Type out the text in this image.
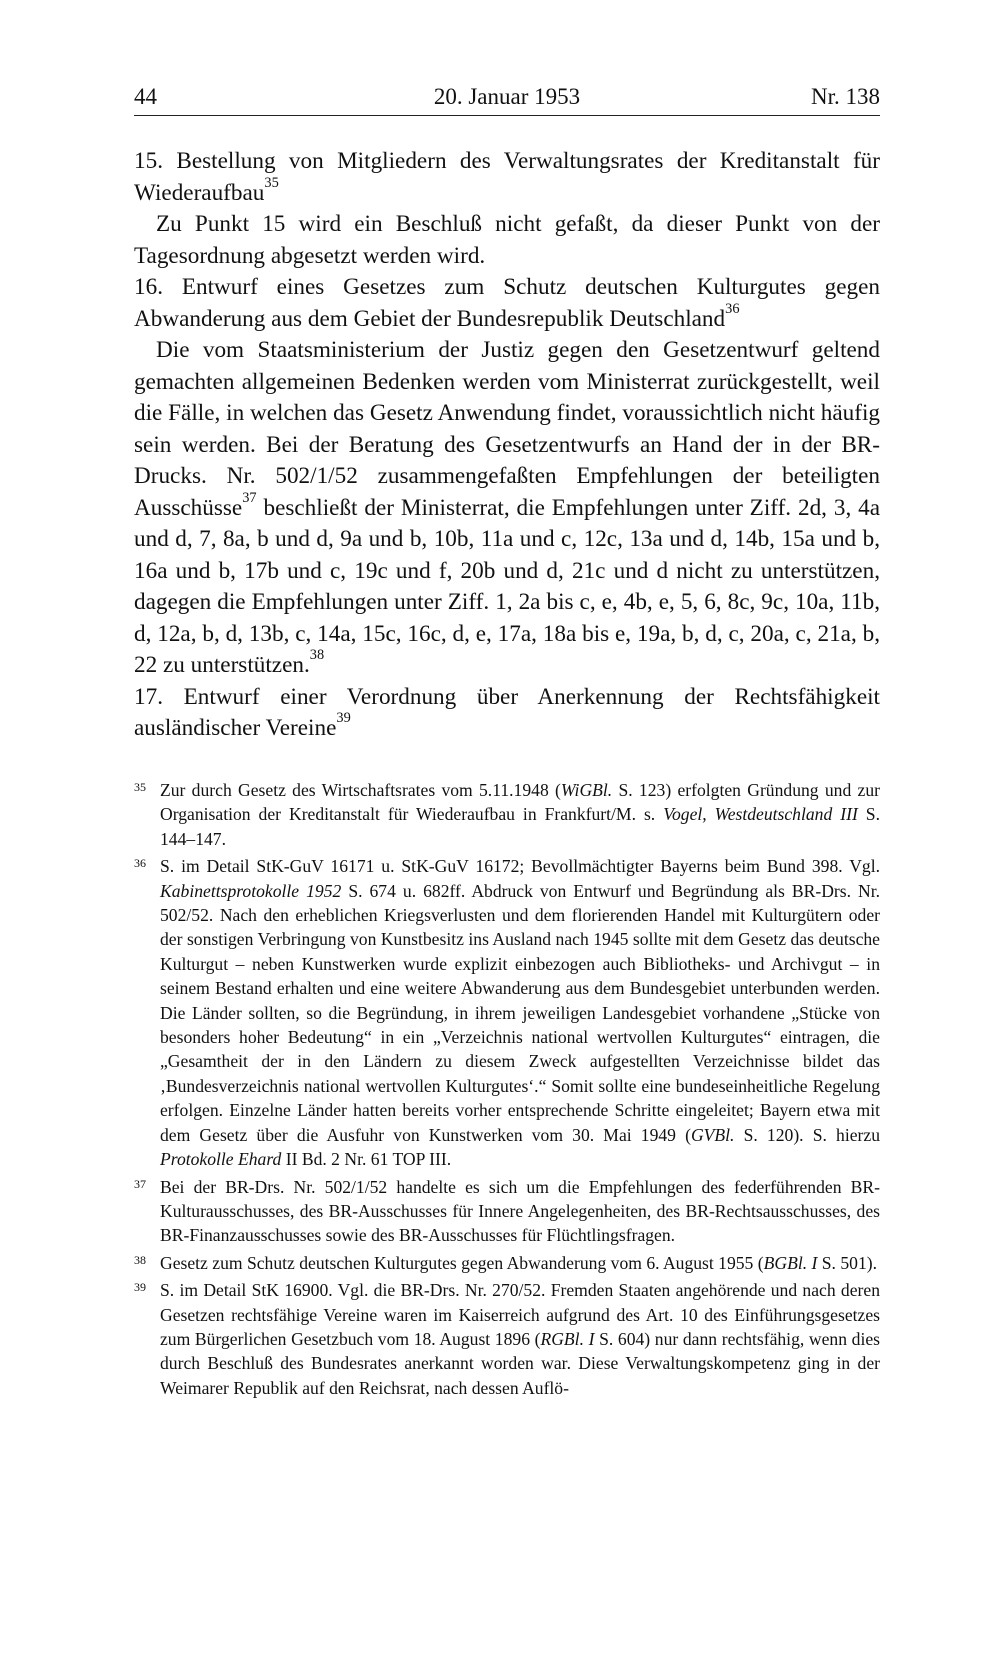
44	20. Januar 1953	Nr. 138

15. Bestellung von Mitgliedern des Verwaltungsrates der Kreditanstalt für Wiederaufbau$^{35}$

Zu Punkt 15 wird ein Beschluß nicht gefaßt, da dieser Punkt von der Tagesordnung abgesetzt werden wird.

16. Entwurf eines Gesetzes zum Schutz deutschen Kulturgutes gegen Abwanderung aus dem Gebiet der Bundesrepublik Deutschland$^{36}$

Die vom Staatsministerium der Justiz gegen den Gesetzentwurf geltend gemachten allgemeinen Bedenken werden vom Ministerrat zurückgestellt, weil die Fälle, in welchen das Gesetz Anwendung findet, voraussichtlich nicht häufig sein werden. Bei der Beratung des Gesetzentwurfs an Hand der in der BR-Drucks. Nr. 502/1/52 zusammengefaßten Empfehlungen der beteiligten Ausschüsse$^{37}$ beschließt der Ministerrat, die Empfehlungen unter Ziff. 2d, 3, 4a und d, 7, 8a, b und d, 9a und b, 10b, 11a und c, 12c, 13a und d, 14b, 15a und b, 16a und b, 17b und c, 19c und f, 20b und d, 21c und d nicht zu unterstützen, dagegen die Empfehlungen unter Ziff. 1, 2a bis c, e, 4b, e, 5, 6, 8c, 9c, 10a, 11b, d, 12a, b, d, 13b, c, 14a, 15c, 16c, d, e, 17a, 18a bis e, 19a, b, d, c, 20a, c, 21a, b, 22 zu unterstützen.$^{38}$

17. Entwurf einer Verordnung über Anerkennung der Rechtsfähigkeit ausländischer Vereine$^{39}$

35 Zur durch Gesetz des Wirtschaftsrates vom 5.11.1948 (WiGBl. S. 123) erfolgten Gründung und zur Organisation der Kreditanstalt für Wiederaufbau in Frankfurt/M. s. Vogel, Westdeutschland III S. 144–147.
36 S. im Detail StK-GuV 16171 u. StK-GuV 16172; Bevollmächtigter Bayerns beim Bund 398. Vgl. Kabinettsprotokolle 1952 S. 674 u. 682ff. Abdruck von Entwurf und Begründung als BR-Drs. Nr. 502/52. Nach den erheblichen Kriegsverlusten und dem florierenden Handel mit Kulturgütern oder der sonstigen Verbringung von Kunstbesitz ins Ausland nach 1945 sollte mit dem Gesetz das deutsche Kulturgut – neben Kunstwerken wurde explizit einbezogen auch Bibliotheks- und Archivgut – in seinem Bestand erhalten und eine weitere Abwanderung aus dem Bundesgebiet unterbunden werden. Die Länder sollten, so die Begründung, in ihrem jeweiligen Landesgebiet vorhandene „Stücke von besonders hoher Bedeutung“ in ein „Verzeichnis national wertvollen Kulturgutes“ eintragen, die „Gesamtheit der in den Ländern zu diesem Zweck aufgestellten Verzeichnisse bildet das ‚Bundesverzeichnis national wertvollen Kulturgutes‘.“ Somit sollte eine bundeseinheitliche Regelung erfolgen. Einzelne Länder hatten bereits vorher entsprechende Schritte eingeleitet; Bayern etwa mit dem Gesetz über die Ausfuhr von Kunstwerken vom 30. Mai 1949 (GVBl. S. 120). S. hierzu Protokolle Ehard II Bd. 2 Nr. 61 TOP III.
37 Bei der BR-Drs. Nr. 502/1/52 handelte es sich um die Empfehlungen des federführenden BR-Kulturausschusses, des BR-Ausschusses für Innere Angelegenheiten, des BR-Rechtsausschusses, des BR-Finanzausschusses sowie des BR-Ausschusses für Flüchtlingsfragen.
38 Gesetz zum Schutz deutschen Kulturgutes gegen Abwanderung vom 6. August 1955 (BGBl. I S. 501).
39 S. im Detail StK 16900. Vgl. die BR-Drs. Nr. 270/52. Fremden Staaten angehörende und nach deren Gesetzen rechtsfähige Vereine waren im Kaiserreich aufgrund des Art. 10 des Einführungsgesetzes zum Bürgerlichen Gesetzbuch vom 18. August 1896 (RGBl. I S. 604) nur dann rechtsfähig, wenn dies durch Beschluß des Bundesrates anerkannt worden war. Diese Verwaltungskompetenz ging in der Weimarer Republik auf den Reichsrat, nach dessen Auflö-
